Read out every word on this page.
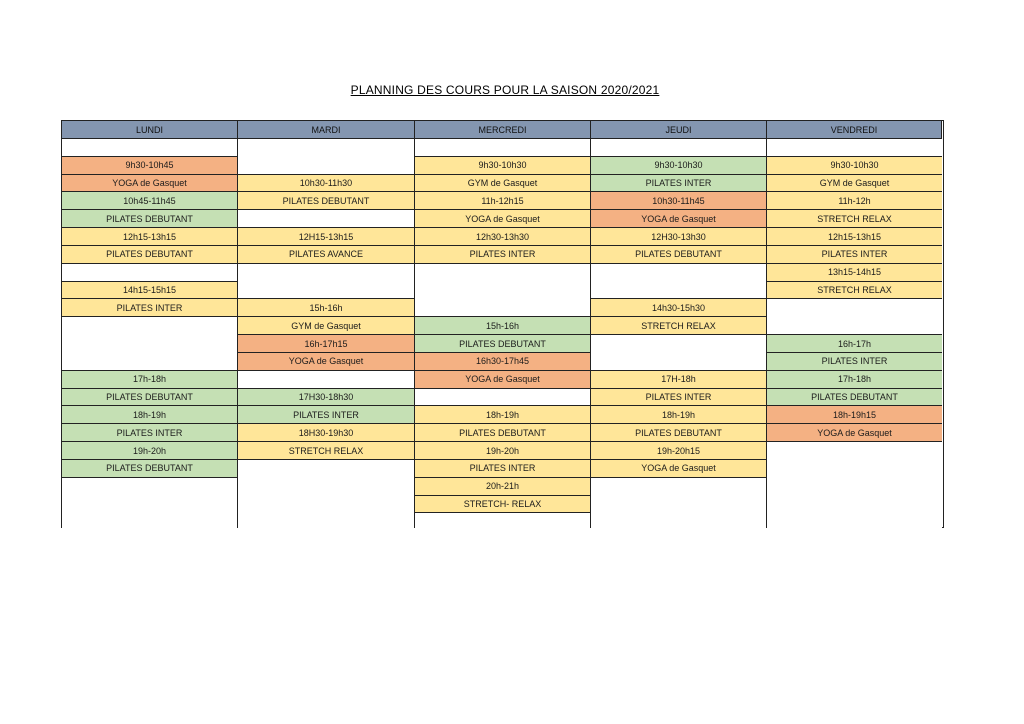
PLANNING DES COURS POUR LA SAISON 2020/2021
LUNDI
9h30-10h45
YOGA de Gasquet
10h45-11h45
PILATES DEBUTANT
12h15-13h15
PILATES DEBUTANT
14h15-15h15
PILATES INTER
17h-18h
PILATES DEBUTANT
18h-19h
PILATES INTER
19h-20h
PILATES DEBUTANT
MARDI
10h30-11h30
PILATES DEBUTANT
12H15-13h15
PILATES AVANCE
15h-16h
GYM de Gasquet
16h-17h15
YOGA de Gasquet
17H30-18h30
PILATES INTER
18H30-19h30
STRETCH RELAX
MERCREDI
9h30-10h30
GYM de Gasquet
11h-12h15
YOGA de Gasquet
12h30-13h30
PILATES INTER
15h-16h
PILATES DEBUTANT
16h30-17h45
YOGA de Gasquet
18h-19h
PILATES DEBUTANT
19h-20h
PILATES INTER
20h-21h
STRETCH- RELAX
JEUDI
9h30-10h30
PILATES INTER
10h30-11h45
YOGA de Gasquet
12H30-13h30
PILATES DEBUTANT
14h30-15h30
STRETCH RELAX
17H-18h
PILATES INTER
18h-19h
PILATES DEBUTANT
19h-20h15
YOGA de Gasquet
VENDREDI
9h30-10h30
GYM de Gasquet
11h-12h
STRETCH RELAX
12h15-13h15
PILATES INTER
13h15-14h15
STRETCH RELAX
16h-17h
PILATES INTER
17h-18h
PILATES DEBUTANT
18h-19h15
YOGA de Gasquet
